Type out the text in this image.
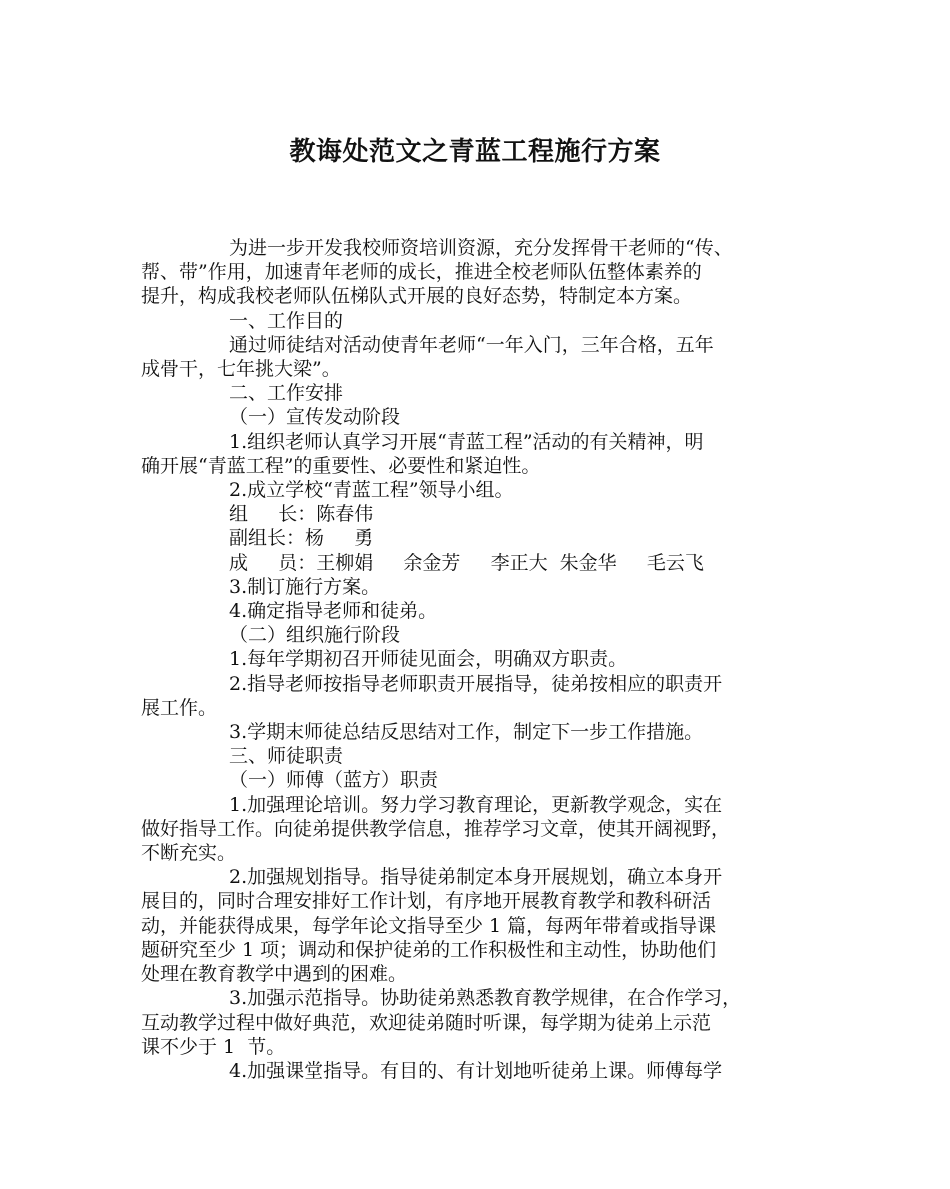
教诲处范文之青蓝工程施行方案
为进一步开发我校师资培训资源，充分发挥骨干老师的“传、
帮、带”作用，加速青年老师的成长，推进全校老师队伍整体素养的
提升，构成我校老师队伍梯队式开展的良好态势，特制定本方案。
一、工作目的
通过师徒结对活动使青年老师“一年入门，三年合格，五年
成骨干，七年挑大梁”。
二、工作安排
（一）宣传发动阶段
1.组织老师认真学习开展“青蓝工程”活动的有关精神，明
确开展“青蓝工程”的重要性、必要性和紧迫性。
2.成立学校“青蓝工程”领导小组。
组     长：陈春伟
副组长：杨     勇
成     员：王柳娟     余金芳     李正大  朱金华     毛云飞
3.制订施行方案。
4.确定指导老师和徒弟。
（二）组织施行阶段
1.每年学期初召开师徒见面会，明确双方职责。
2.指导老师按指导老师职责开展指导，徒弟按相应的职责开
展工作。
3.学期末师徒总结反思结对工作，制定下一步工作措施。
三、师徒职责
（一）师傅（蓝方）职责
1.加强理论培训。努力学习教育理论，更新教学观念，实在
做好指导工作。向徒弟提供教学信息，推荐学习文章，使其开阔视野，
不断充实。
2.加强规划指导。指导徒弟制定本身开展规划，确立本身开
展目的，同时合理安排好工作计划，有序地开展教育教学和教科研活
动，并能获得成果，每学年论文指导至少 1 篇，每两年带着或指导课
题研究至少 1 项；调动和保护徒弟的工作积极性和主动性，协助他们
处理在教育教学中遇到的困难。
3.加强示范指导。协助徒弟熟悉教育教学规律，在合作学习，
互动教学过程中做好典范，欢迎徒弟随时听课，每学期为徒弟上示范
课不少于 1  节。
4.加强课堂指导。有目的、有计划地听徒弟上课。师傅每学
